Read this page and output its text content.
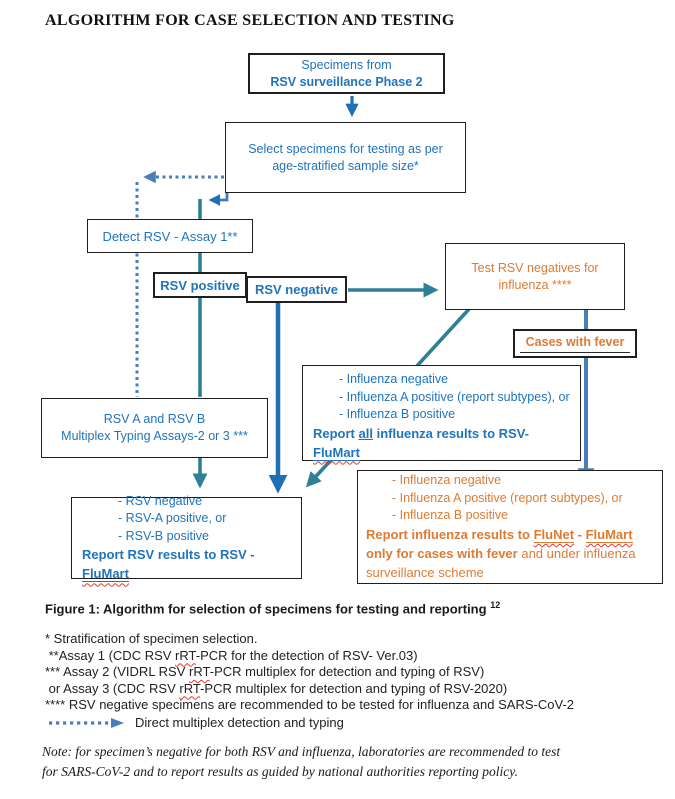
ALGORITHM FOR CASE SELECTION AND TESTING
Specimens from
RSV surveillance Phase 2
Select specimens for testing as per
age-stratified sample size*
Detect RSV - Assay 1**
RSV positive RSV negative
Test RSV negatives for
influenza ****
Cases with fever
RSV A and RSV B
Multiplex Typing Assays-2 or 3 ***
- Influenza negative
- Influenza A positive (report subtypes), or
- Influenza B positive
Report all influenza results to RSV-
FluMart
- RSV negative
- RSV-A positive, or
- RSV-B positive
Report RSV results to RSV - FluMart
- Influenza negative
- Influenza A positive (report subtypes), or
- Influenza B positive
Report influenza results to FluNet - FluMart
only for cases with fever and under influenza
surveillance scheme
Figure 1: Algorithm for selection of specimens for testing and reporting $^{12}$
* Stratification of specimen selection.
**Assay 1 (CDC RSV rRT-PCR for the detection of RSV- Ver.03)
*** Assay 2 (VIDRL RSV rRT-PCR multiplex for detection and typing of RSV)
or Assay 3 (CDC RSV rRT-PCR multiplex for detection and typing of RSV-2020)
**** RSV negative specimens are recommended to be tested for influenza and SARS-CoV-2
Direct multiplex detection and typing
Note: for specimen’s negative for both RSV and influenza, laboratories are recommended to test
for SARS-CoV-2 and to report results as guided by national authorities reporting policy.
